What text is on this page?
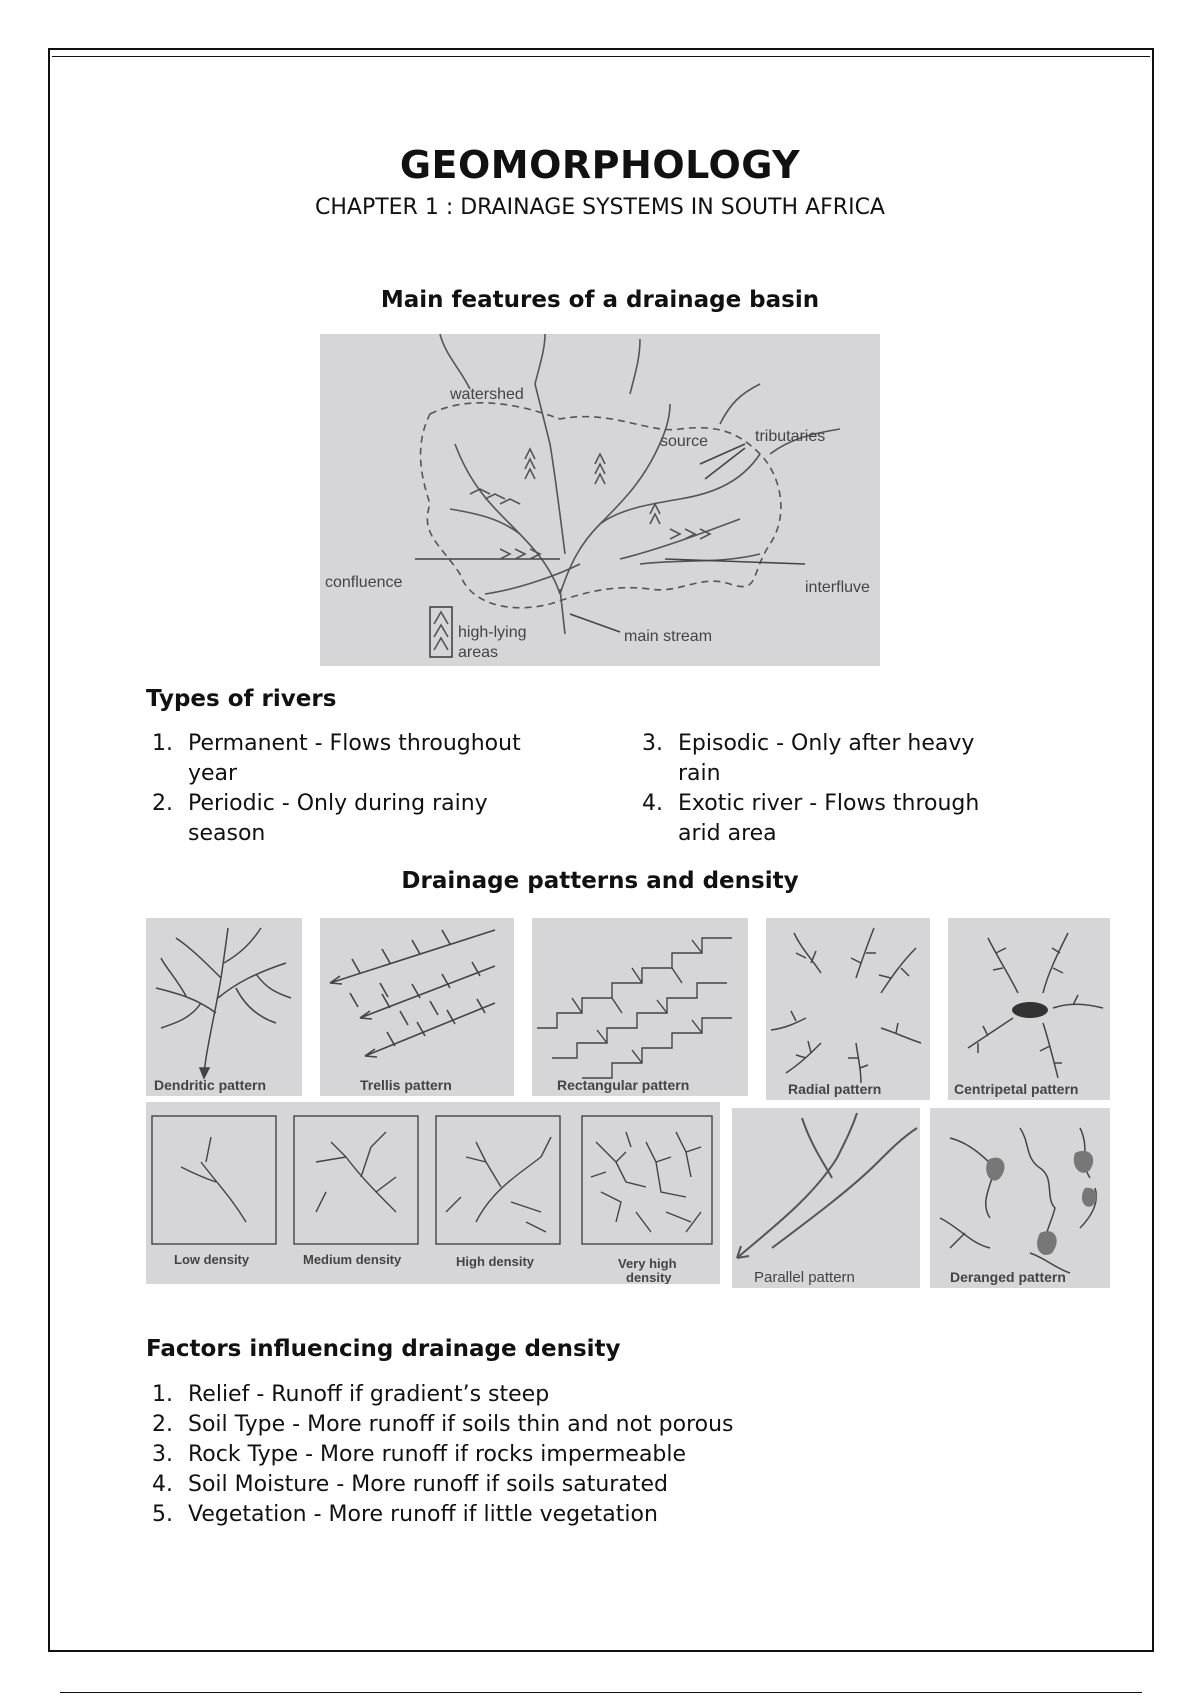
GEOMORPHOLOGY
CHAPTER 1 : DRAINAGE SYSTEMS IN SOUTH AFRICA
Main features of a drainage basin
watershed
source	tributaries
confluence	interfluve
high-lying
areas
main stream
Types of rivers
1. Permanent - Flows throughout
year
2. Periodic - Only during rainy
season
3. Episodic - Only after heavy
rain
4. Exotic river - Flows through
arid area
Drainage patterns and density
Dendritic pattern	Trellis pattern	Rectangular pattern	Radial pattern	Centripetal pattern
Low density	Medium density	High density	Very high
density	Parallel pattern	Deranged pattern
Factors influencing drainage density
1. Relief - Runoff if gradient’s steep
2. Soil Type - More runoff if soils thin and not porous
3. Rock Type - More runoff if rocks impermeable
4. Soil Moisture - More runoff if soils saturated
5. Vegetation - More runoff if little vegetation
